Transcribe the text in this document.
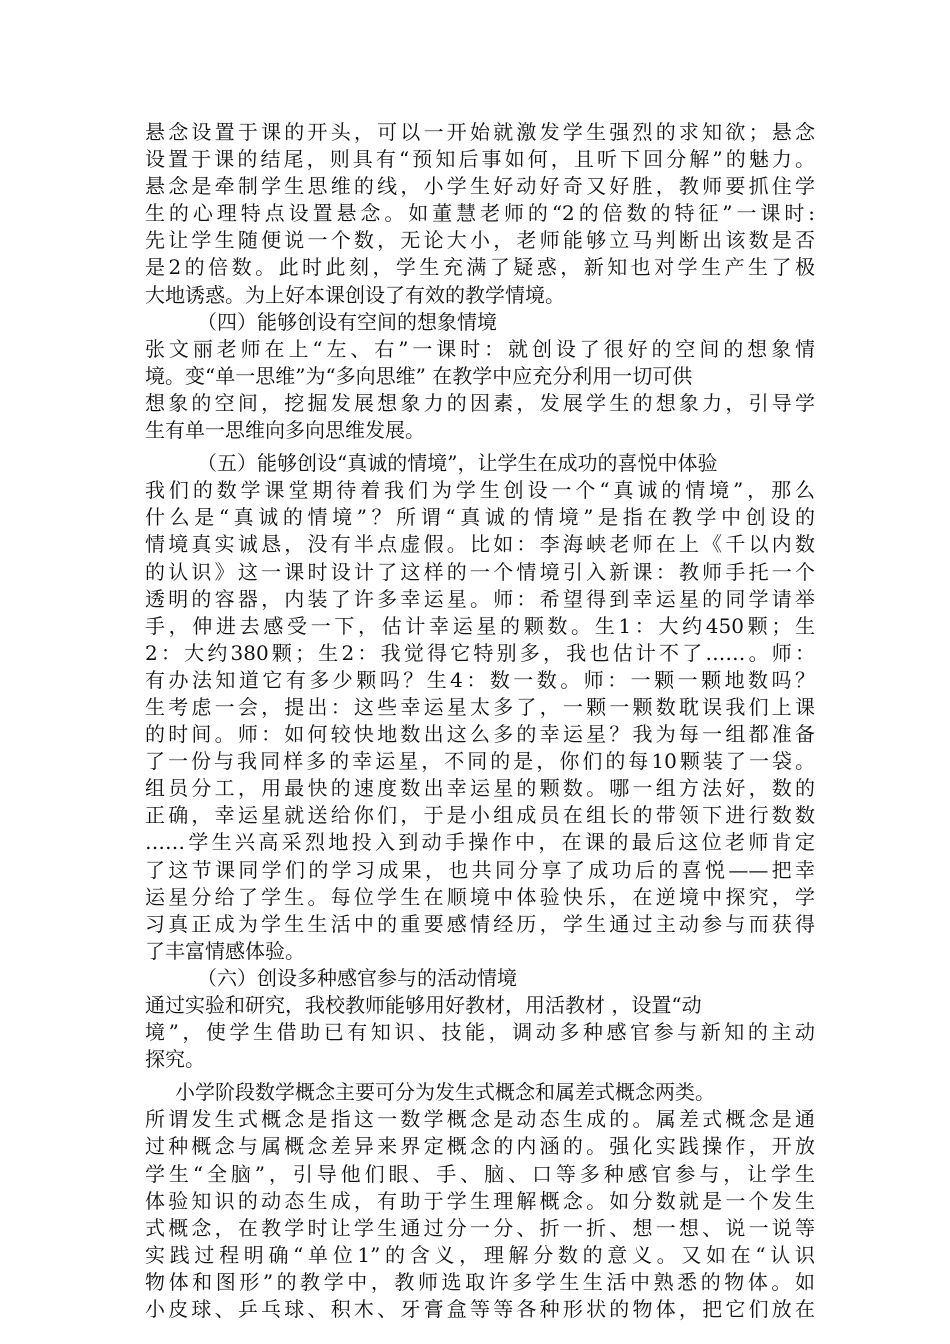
悬念设置于课的开头，可以一开始就激发学生强烈的求知欲；悬念
设置于课的结尾，则具有“预知后事如何，且听下回分解”的魅力。
悬念是牵制学生思维的线，小学生好动好奇又好胜，教师要抓住学
生的心理特点设置悬念。如董慧老师的“2的倍数的特征”一课时:
先让学生随便说一个数，无论大小，老师能够立马判断出该数是否
是2的倍数。此时此刻，学生充满了疑惑，新知也对学生产生了极
大地诱惑。为上好本课创设了有效的教学情境。
（四）能够创设有空间的想象情境
张文丽老师在上“左、右”一课时：就创设了很好的空间的想象情
境。变“单一思维”为“多向思维” 在教学中应充分利用一切可供
想象的空间，挖掘发展想象力的因素，发展学生的想象力，引导学
生有单一思维向多向思维发展。
（五）能够创设“真诚的情境”，让学生在成功的喜悦中体验
我们的数学课堂期待着我们为学生创设一个“真诚的情境”，那么
什么是“真诚的情境”？所谓“真诚的情境”是指在教学中创设的
情境真实诚恳，没有半点虚假。比如：李海峡老师在上《千以内数
的认识》这一课时设计了这样的一个情境引入新课：教师手托一个
透明的容器，内装了许多幸运星。师：希望得到幸运星的同学请举
手，伸进去感受一下，估计幸运星的颗数。生1：大约450颗；生
2：大约380颗；生2：我觉得它特别多，我也估计不了……。师：
有办法知道它有多少颗吗？生4：数一数。师：一颗一颗地数吗？
生考虑一会，提出：这些幸运星太多了，一颗一颗数耽误我们上课
的时间。师：如何较快地数出这么多的幸运星？我为每一组都准备
了一份与我同样多的幸运星，不同的是，你们的每10颗装了一袋。
组员分工，用最快的速度数出幸运星的颗数。哪一组方法好，数的
正确，幸运星就送给你们，于是小组成员在组长的带领下进行数数
……学生兴高采烈地投入到动手操作中，在课的最后这位老师肯定
了这节课同学们的学习成果，也共同分享了成功后的喜悦——把幸
运星分给了学生。每位学生在顺境中体验快乐，在逆境中探究，学
习真正成为学生生活中的重要感情经历，学生通过主动参与而获得
了丰富情感体验。
（六）创设多种感官参与的活动情境
通过实验和研究，我校教师能够用好教材，用活教材 ，设置“动
境”，使学生借助已有知识、技能，调动多种感官参与新知的主动
探究。
小学阶段数学概念主要可分为发生式概念和属差式概念两类。
所谓发生式概念是指这一数学概念是动态生成的。属差式概念是通
过种概念与属概念差异来界定概念的内涵的。强化实践操作，开放
学生“全脑”，引导他们眼、手、脑、口等多种感官参与，让学生
体验知识的动态生成，有助于学生理解概念。如分数就是一个发生
式概念，在教学时让学生通过分一分、折一折、想一想、说一说等
实践过程明确“单位1”的含义，理解分数的意义。又如在“认识
物体和图形”的教学中，教师选取许多学生生活中熟悉的物体。如
小皮球、乒乓球、积木、牙膏盒等等各种形状的物体，把它们放在
